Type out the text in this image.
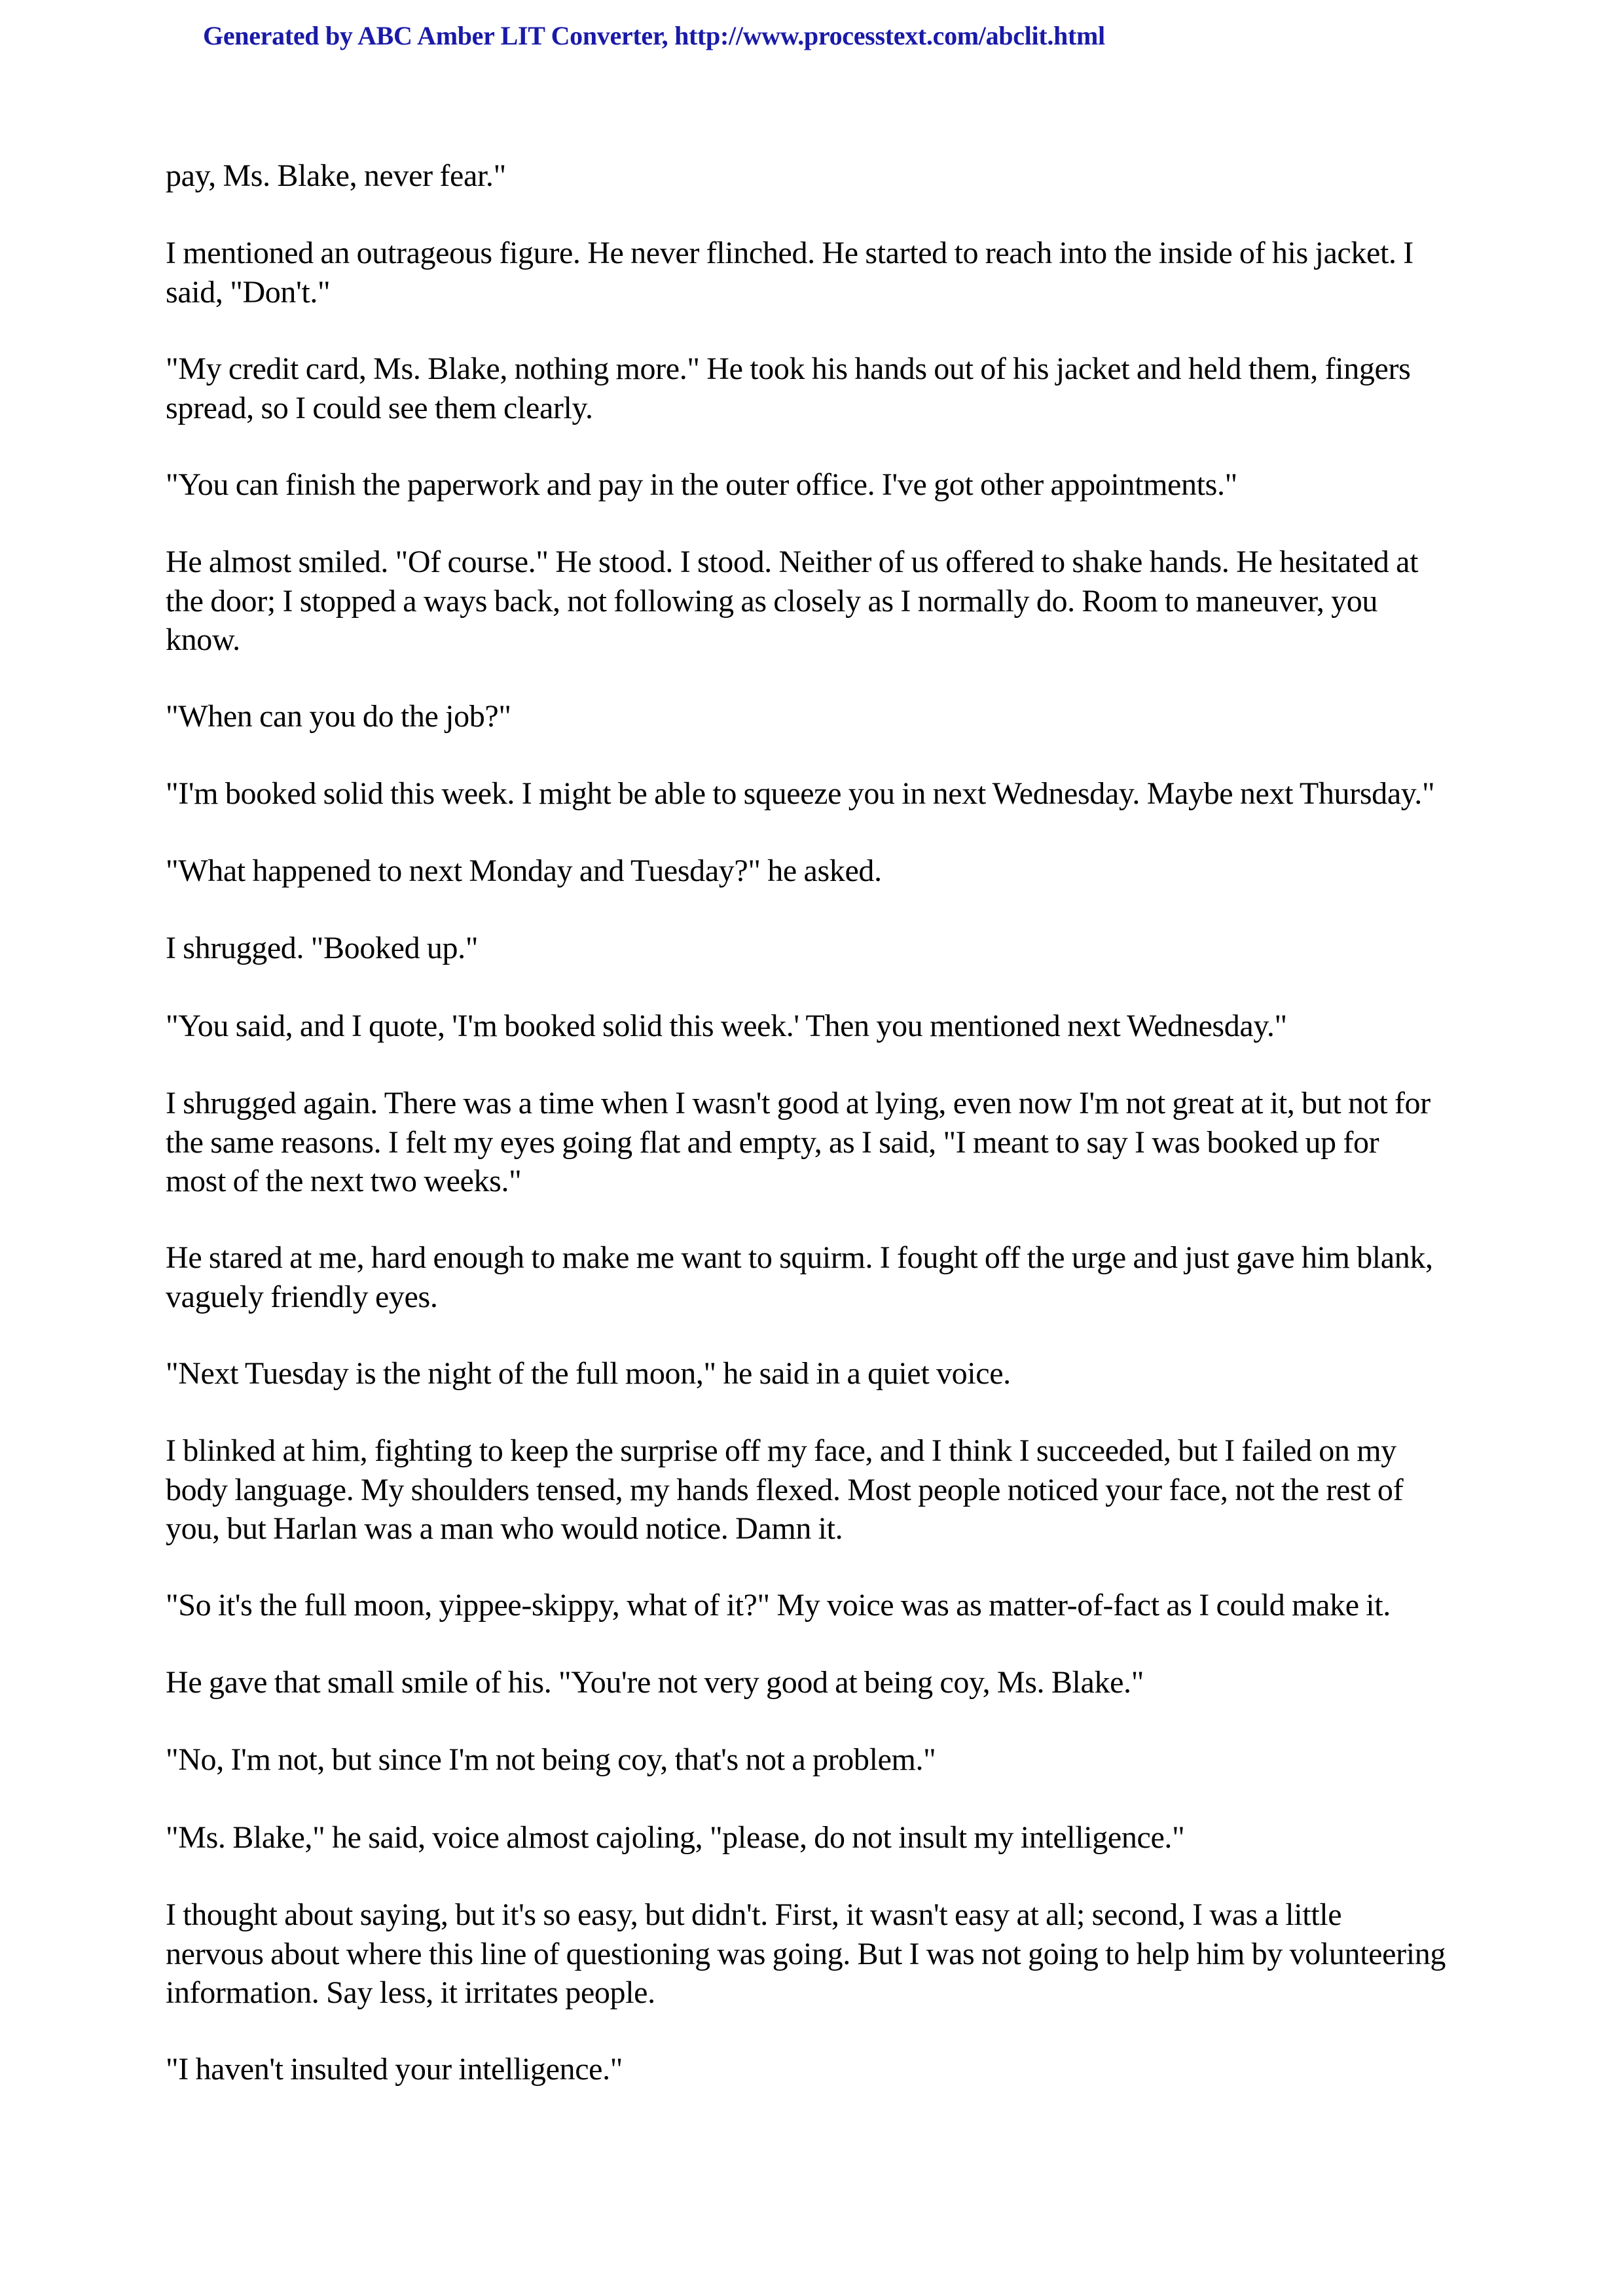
Generated by ABC Amber LIT Converter, http://www.processtext.com/abclit.html

pay, Ms. Blake, never fear."

I mentioned an outrageous figure. He never flinched. He started to reach into the inside of his jacket. I
said, "Don't."

"My credit card, Ms. Blake, nothing more." He took his hands out of his jacket and held them, fingers
spread, so I could see them clearly.

"You can finish the paperwork and pay in the outer office. I've got other appointments."

He almost smiled. "Of course." He stood. I stood. Neither of us offered to shake hands. He hesitated at
the door; I stopped a ways back, not following as closely as I normally do. Room to maneuver, you
know.

"When can you do the job?"

"I'm booked solid this week. I might be able to squeeze you in next Wednesday. Maybe next Thursday."

"What happened to next Monday and Tuesday?" he asked.

I shrugged. "Booked up."

"You said, and I quote, 'I'm booked solid this week.' Then you mentioned next Wednesday."

I shrugged again. There was a time when I wasn't good at lying, even now I'm not great at it, but not for
the same reasons. I felt my eyes going flat and empty, as I said, "I meant to say I was booked up for
most of the next two weeks."

He stared at me, hard enough to make me want to squirm. I fought off the urge and just gave him blank,
vaguely friendly eyes.

"Next Tuesday is the night of the full moon," he said in a quiet voice.

I blinked at him, fighting to keep the surprise off my face, and I think I succeeded, but I failed on my
body language. My shoulders tensed, my hands flexed. Most people noticed your face, not the rest of
you, but Harlan was a man who would notice. Damn it.

"So it's the full moon, yippee-skippy, what of it?" My voice was as matter-of-fact as I could make it.

He gave that small smile of his. "You're not very good at being coy, Ms. Blake."

"No, I'm not, but since I'm not being coy, that's not a problem."

"Ms. Blake," he said, voice almost cajoling, "please, do not insult my intelligence."

I thought about saying, but it's so easy, but didn't. First, it wasn't easy at all; second, I was a little
nervous about where this line of questioning was going. But I was not going to help him by volunteering
information. Say less, it irritates people.

"I haven't insulted your intelligence."
